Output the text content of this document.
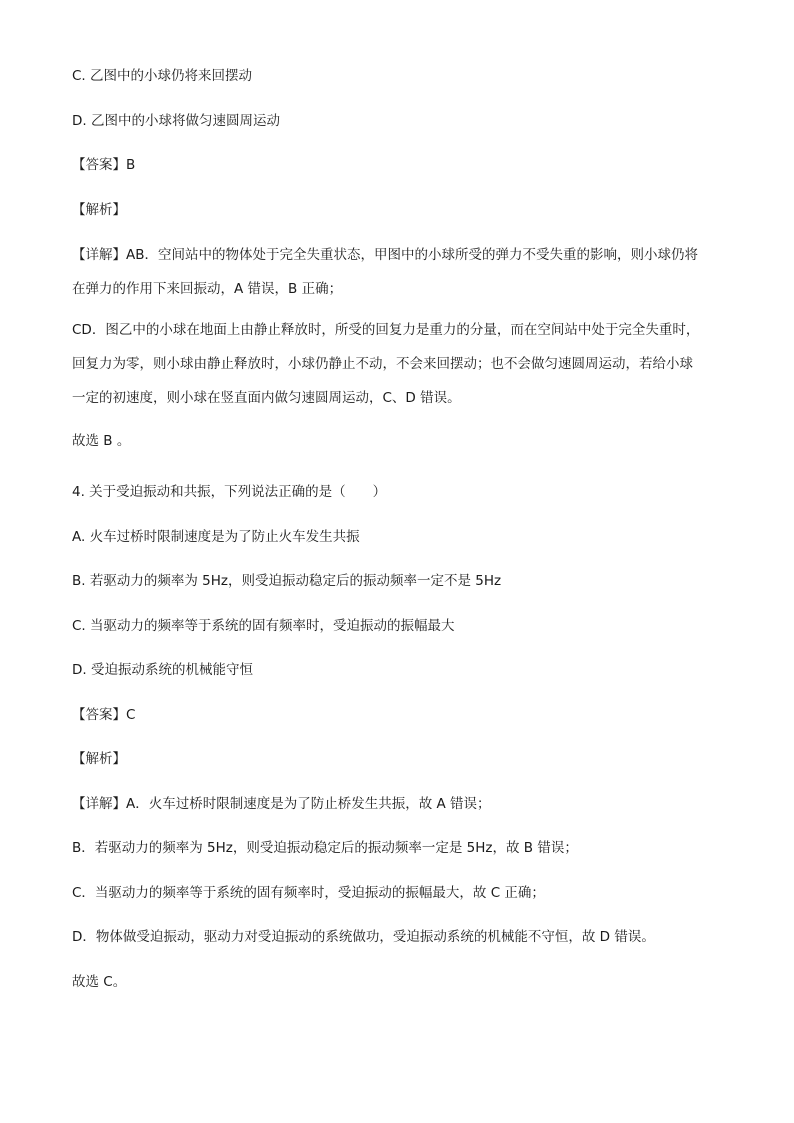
C. 乙图中的小球仍将来回摆动
D. 乙图中的小球将做匀速圆周运动
【答案】B
【解析】
【详解】AB．空间站中的物体处于完全失重状态，甲图中的小球所受的弹力不受失重的影响，则小球仍将
在弹力的作用下来回振动，A 错误，B 正确；
CD．图乙中的小球在地面上由静止释放时，所受的回复力是重力的分量，而在空间站中处于完全失重时，
回复力为零，则小球由静止释放时，小球仍静止不动，不会来回摆动；也不会做匀速圆周运动，若给小球
一定的初速度，则小球在竖直面内做匀速圆周运动，C、D 错误。
故选 B 。
4. 关于受迫振动和共振，下列说法正确的是（　　）
A. 火车过桥时限制速度是为了防止火车发生共振
B. 若驱动力的频率为 5Hz，则受迫振动稳定后的振动频率一定不是 5Hz
C. 当驱动力的频率等于系统的固有频率时，受迫振动的振幅最大
D. 受迫振动系统的机械能守恒
【答案】C
【解析】
【详解】A．火车过桥时限制速度是为了防止桥发生共振，故 A 错误；
B．若驱动力的频率为 5Hz，则受迫振动稳定后的振动频率一定是 5Hz，故 B 错误；
C．当驱动力的频率等于系统的固有频率时，受迫振动的振幅最大，故 C 正确；
D．物体做受迫振动，驱动力对受迫振动的系统做功，受迫振动系统的机械能不守恒，故 D 错误。
故选 C。
